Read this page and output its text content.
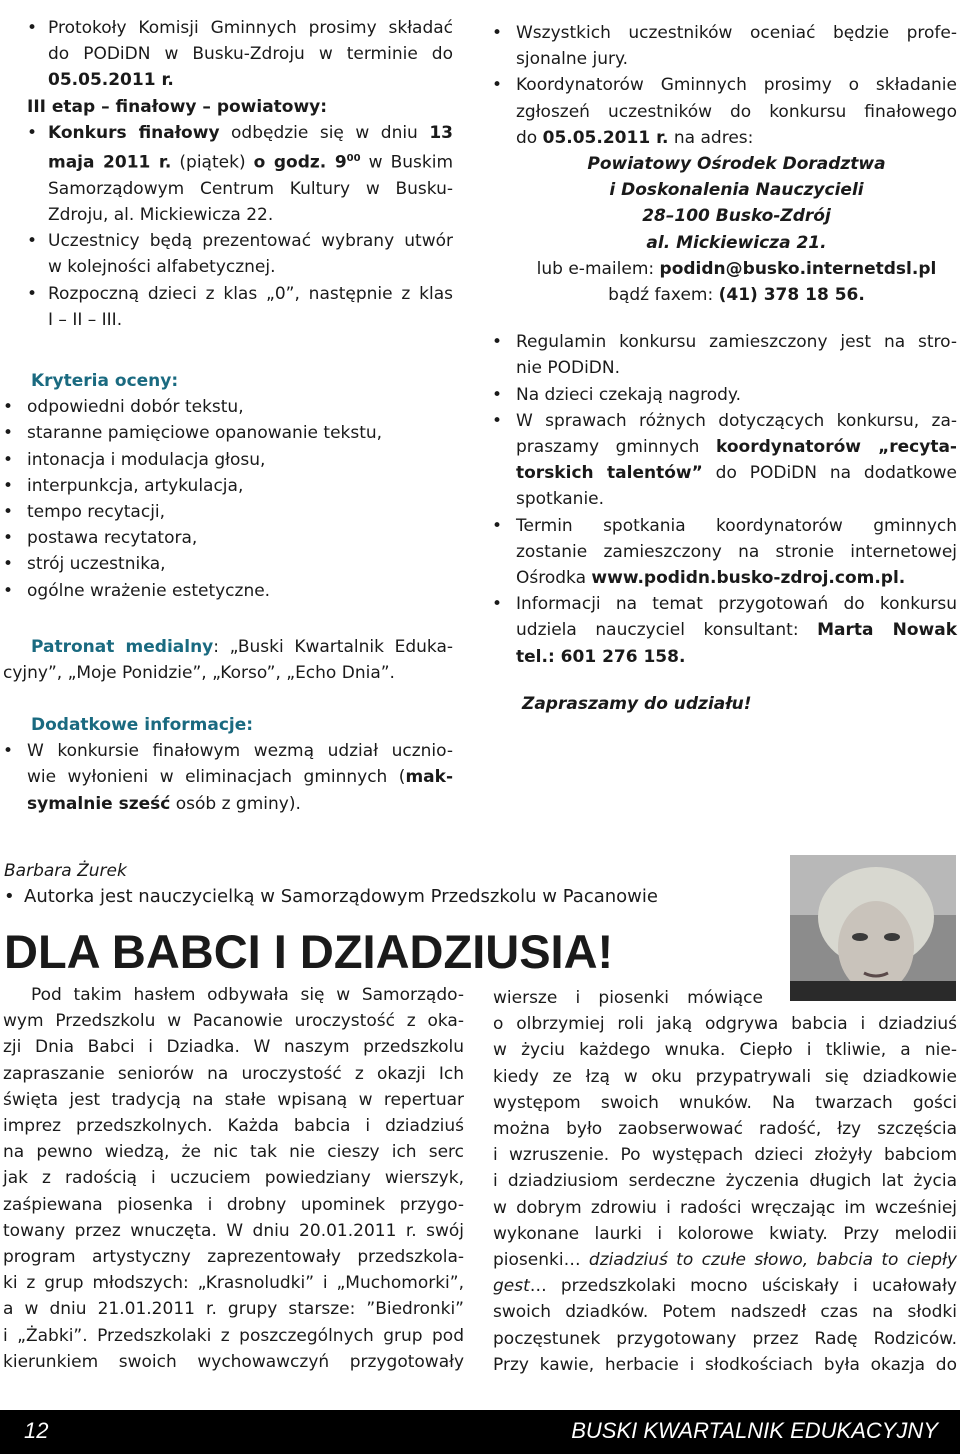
• Protokoły Komisji Gminnych prosimy składać
do PODiDN w Busku-Zdroju w terminie do
05.05.2011 r.
III etap – finałowy – powiatowy:
• Konkurs finałowy odbędzie się w dniu 13
maja 2011 r. (piątek) o godz. $9^{00}$ w Buskim
Samorządowym Centrum Kultury w Busku-
Zdroju, al. Mickiewicza 22.
• Uczestnicy będą prezentować wybrany utwór
w kolejności alfabetycznej.
• Rozpoczną dzieci z klas „0”, następnie z klas
I – II – III.
Kryteria oceny:
• odpowiedni dobór tekstu,
• staranne pamięciowe opanowanie tekstu,
• intonacja i modulacja głosu,
• interpunkcja, artykulacja,
• tempo recytacji,
• postawa recytatora,
• strój uczestnika,
• ogólne wrażenie estetyczne.
Patronat medialny: „Buski Kwartalnik Eduka-
cyjny”, „Moje Ponidzie”, „Korso”, „Echo Dnia”.
Dodatkowe informacje:
• W konkursie finałowym wezmą udział ucznio-
wie wyłonieni w eliminacjach gminnych (mak-
symalnie sześć osób z gminy).
• Wszystkich uczestników oceniać będzie profe-
sjonalne jury.
• Koordynatorów Gminnych prosimy o składanie
zgłoszeń uczestników do konkursu finałowego
do 05.05.2011 r. na adres:
Powiatowy Ośrodek Doradztwa
i Doskonalenia Nauczycieli
28–100 Busko-Zdrój
al. Mickiewicza 21.
lub e-mailem: podidn@busko.internetdsl.pl
bądź faxem: (41) 378 18 56.
• Regulamin konkursu zamieszczony jest na stro-
nie PODiDN.
• Na dzieci czekają nagrody.
• W sprawach różnych dotyczących konkursu, za-
praszamy gminnych koordynatorów „recyta-
torskich talentów” do PODiDN na dodatkowe
spotkanie.
• Termin spotkania koordynatorów gminnych
zostanie zamieszczony na stronie internetowej
Ośrodka www.podidn.busko-zdroj.com.pl.
• Informacji na temat przygotowań do konkursu
udziela nauczyciel konsultant: Marta Nowak
tel.: 601 276 158.
Zapraszamy do udziału!
Barbara Żurek
• Autorka jest nauczycielką w Samorządowym Przedszkolu w Pacanowie
DLA BABCI I DZIADZIUSIA!
Pod takim hasłem odbywała się w Samorządo-
wym Przedszkolu w Pacanowie uroczystość z oka-
zji Dnia Babci i Dziadka. W naszym przedszkolu
zapraszanie seniorów na uroczystość z okazji Ich
święta jest tradycją na stałe wpisaną w repertuar
imprez przedszkolnych. Każda babcia i dziadziuś
na pewno wiedzą, że nic tak nie cieszy ich serc
jak z radością i uczuciem powiedziany wierszyk,
zaśpiewana piosenka i drobny upominek przygo-
towany przez wnuczęta. W dniu 20.01.2011 r. swój
program artystyczny zaprezentowały przedszkola-
ki z grup młodszych: „Krasnoludki” i „Muchomorki”,
a w dniu 21.01.2011 r. grupy starsze: ”Biedronki”
i „Żabki”. Przedszkolaki z poszczególnych grup pod
kierunkiem swoich wychowawczyń przygotowały
wiersze i piosenki mówiące
o olbrzymiej roli jaką odgrywa babcia i dziadziuś
w życiu każdego wnuka. Ciepło i tkliwie, a nie-
kiedy ze łzą w oku przypatrywali się dziadkowie
występom swoich wnuków. Na twarzach gości
można było zaobserwować radość, łzy szczęścia
i wzruszenie. Po występach dzieci złożyły babciom
i dziadziusiom serdeczne życzenia długich lat życia
w dobrym zdrowiu i radości wręczając im wcześniej
wykonane laurki i kolorowe kwiaty. Przy melodii
piosenki… dziadziuś to czułe słowo, babcia to ciepły
gest… przedszkolaki mocno uściskały i ucałowały
swoich dziadków. Potem nadszedł czas na słodki
poczęstunek przygotowany przez Radę Rodziców.
Przy kawie, herbacie i słodkościach była okazja do
12	BUSKI KWARTALNIK EDUKACYJNY
